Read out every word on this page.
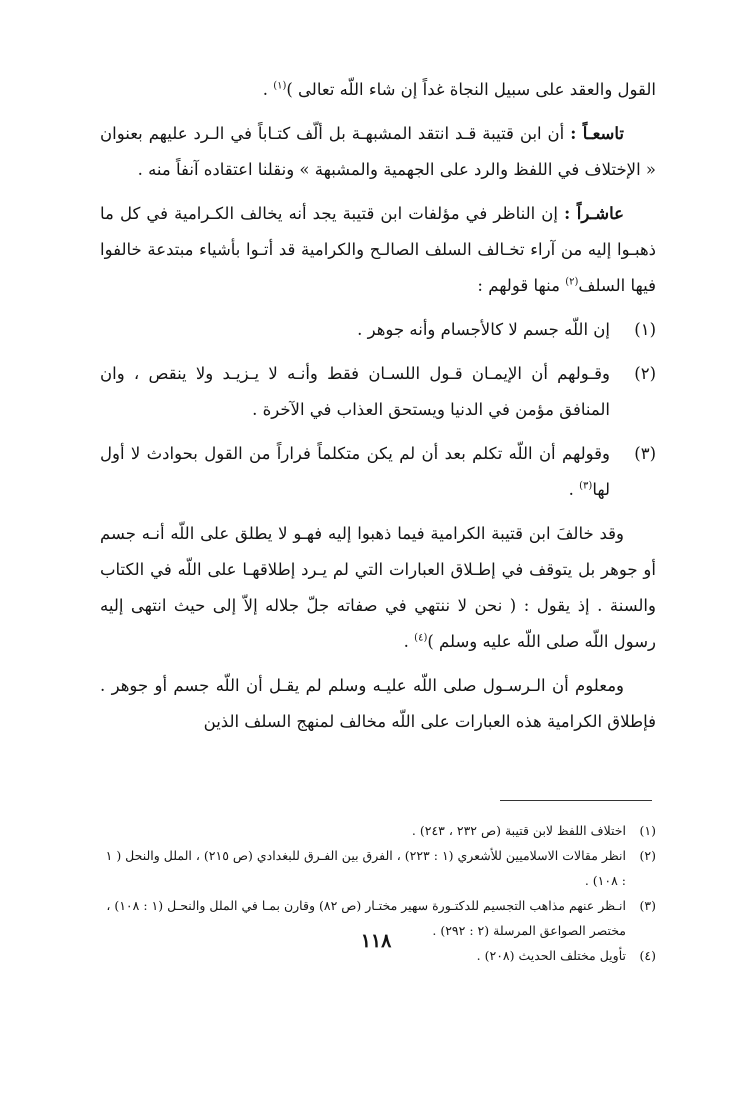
القول والعقد على سبيل النجاة غداً إن شاء اللّه تعالى )$^{(١)}$ .

تاسعـاً : أن ابن قتيبة قـد انتقد المشبهـة بل ألّف كتـاباً في الـرد عليهم بعنوان « الإختلاف في اللفظ والرد على الجهمية والمشبهة » ونقلنا اعتقاده آنفاً منه .

عاشـراً : إن الناظر في مؤلفات ابن قتيبة يجد أنه يخالف الكـرامية في كل ما ذهبـوا إليه من آراء تخـالف السلف الصالـح والكرامية قد أتـوا بأشياء مبتدعة خالفوا فيها السلف$^{(٢)}$ منها قولهم :

(١)
إن اللّه جسم لا كالأجسام وأنه جوهر .
(٢)
وقـولهم أن الإيمـان قـول اللسـان فقط وأنـه لا يـزيـد ولا ينقص ، وان المنافق مؤمن في الدنيا ويستحق العذاب في الآخرة .
(٣)
وقولهم أن اللّه تكلم بعد أن لم يكن متكلماً فراراً من القول بحوادث لا أول لها$^{(٣)}$ .

وقد خالفَ ابن قتيبة الكرامية فيما ذهبوا إليه فهـو لا يطلق على اللّه أنـه جسم أو جوهر بل يتوقف في إطـلاق العبارات التي لم يـرد إطلاقهـا على اللّه في الكتاب والسنة . إذ يقول : ( نحن لا ننتهي في صفاته جلّ جلاله إلاّ إلى حيث انتهى إليه رسول اللّه صلى اللّه عليه وسلم )$^{(٤)}$ .

ومعلوم أن الـرسـول صلى اللّه عليـه وسلم لم يقـل أن اللّه جسم أو جوهر . فإطلاق الكرامية هذه العبارات على اللّه مخالف لمنهج السلف الذين

(١)
اختلاف اللفظ لابن قتيبة (ص ٢٣٢ ، ٢٤٣) .
(٢)
انظر مقالات الاسلاميين للأشعري (١ : ٢٢٣) ، الفرق بين الفـرق للبغدادي (ص ٢١٥) ، الملل والنحل ( ١ : ١٠٨) .
(٣)
انـظر عنهم مذاهب التجسيم للدكتـورة سهير مختـار (ص ٨٢) وقارن بمـا في الملل والنحـل (١ : ١٠٨) ، مختصر الصواعق المرسلة (٢ : ٢٩٢) .
(٤)
تأويل مختلف الحديث (٢٠٨) .
١١٨
